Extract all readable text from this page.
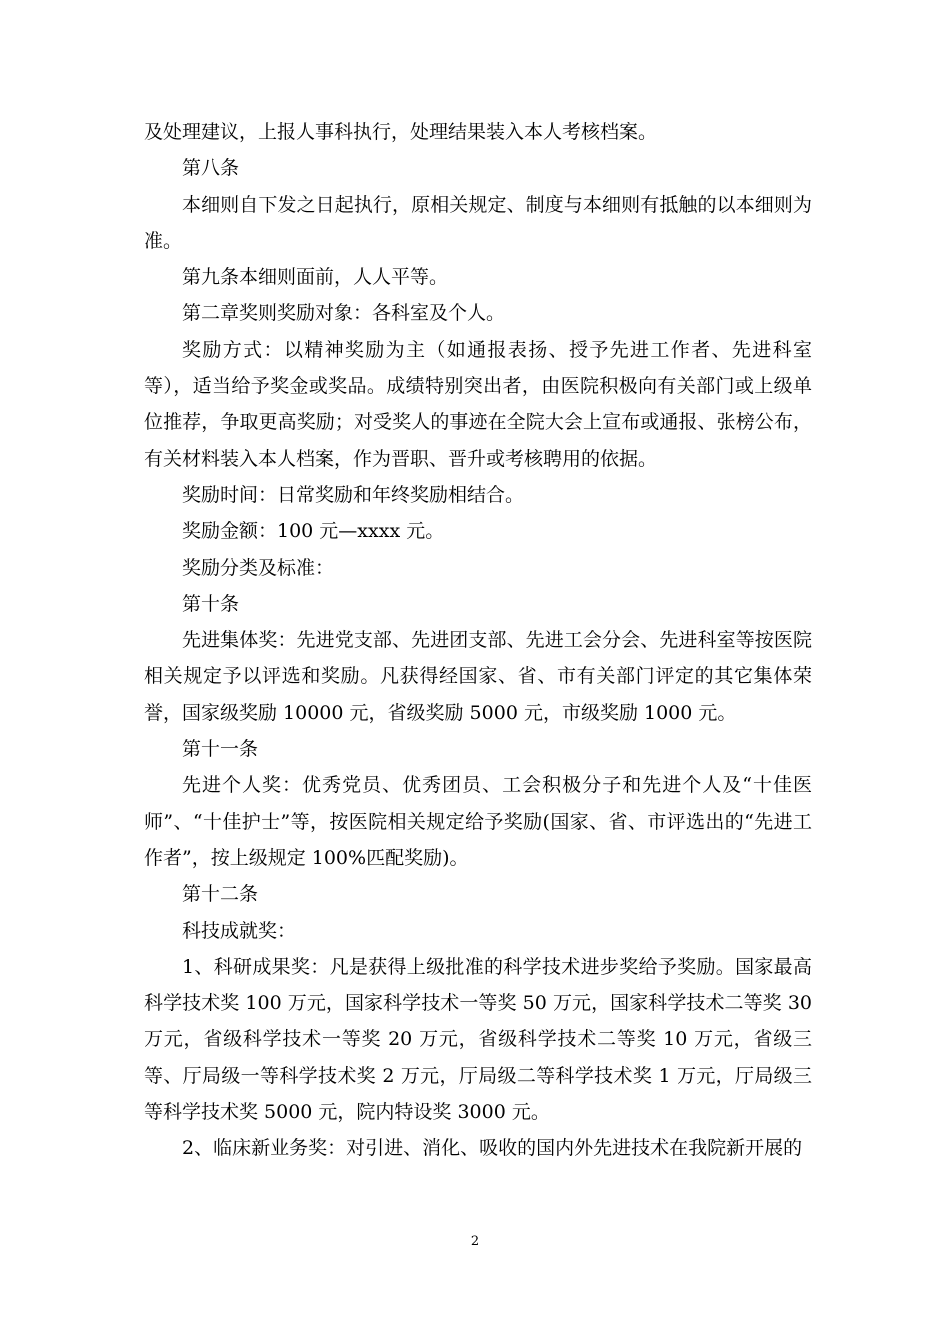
及处理建议，上报人事科执行，处理结果装入本人考核档案。

第八条

本细则自下发之日起执行，原相关规定、制度与本细则有抵触的以本细则为准。

第九条本细则面前，人人平等。

第二章奖则奖励对象：各科室及个人。

奖励方式：以精神奖励为主（如通报表扬、授予先进工作者、先进科室等），适当给予奖金或奖品。成绩特别突出者，由医院积极向有关部门或上级单位推荐，争取更高奖励；对受奖人的事迹在全院大会上宣布或通报、张榜公布，有关材料装入本人档案，作为晋职、晋升或考核聘用的依据。

奖励时间：日常奖励和年终奖励相结合。

奖励金额：100 元—xxxx 元。

奖励分类及标准：

第十条

先进集体奖：先进党支部、先进团支部、先进工会分会、先进科室等按医院相关规定予以评选和奖励。凡获得经国家、省、市有关部门评定的其它集体荣誉，国家级奖励 10000 元，省级奖励 5000 元，市级奖励 1000 元。

第十一条

先进个人奖：优秀党员、优秀团员、工会积极分子和先进个人及“十佳医师”、“十佳护士”等，按医院相关规定给予奖励(国家、省、市评选出的“先进工作者”，按上级规定 100%匹配奖励)。

第十二条

科技成就奖：

1、科研成果奖：凡是获得上级批准的科学技术进步奖给予奖励。国家最高科学技术奖 100 万元，国家科学技术一等奖 50 万元，国家科学技术二等奖 30 万元，省级科学技术一等奖 20 万元，省级科学技术二等奖 10 万元，省级三等、厅局级一等科学技术奖 2 万元，厅局级二等科学技术奖 1 万元，厅局级三等科学技术奖 5000 元，院内特设奖 3000 元。

2、临床新业务奖：对引进、消化、吸收的国内外先进技术在我院新开展的

2
